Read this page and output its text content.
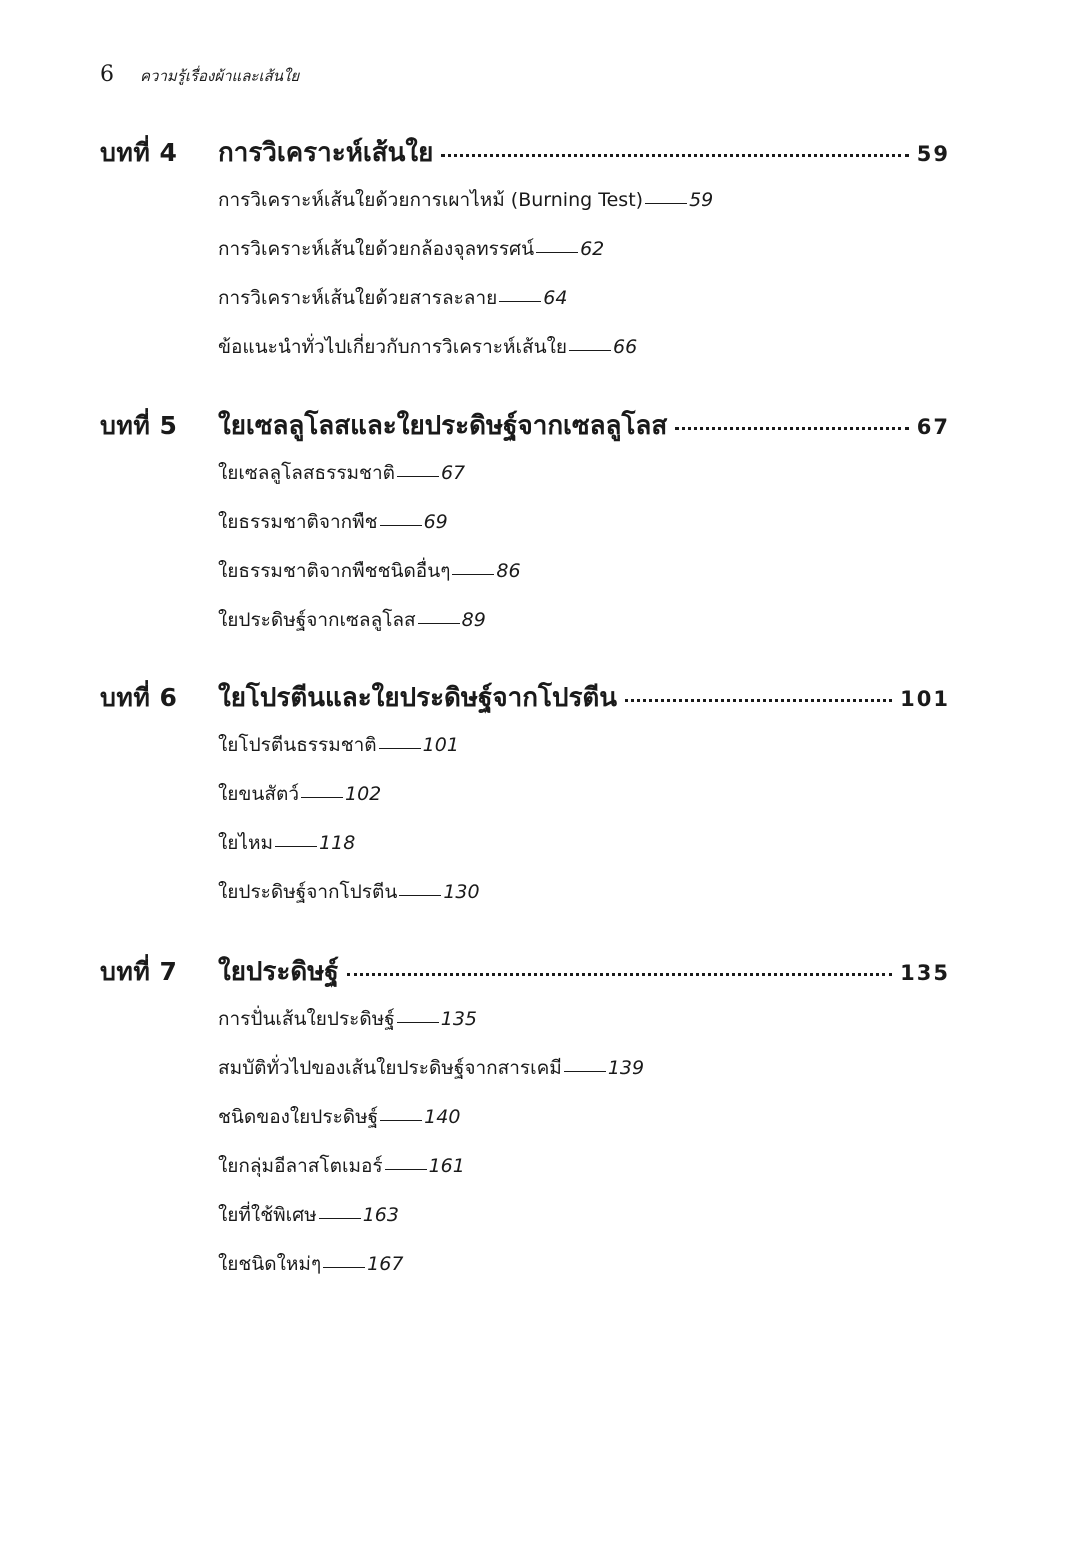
6 ความรู้เรื่องผ้าและเส้นใย
บทที่ 4	การวิเคราะห์เส้นใย	59
การวิเคราะห์เส้นใยด้วยการเผาไหม้ (Burning Test) 59
การวิเคราะห์เส้นใยด้วยกล้องจุลทรรศน์ 62
การวิเคราะห์เส้นใยด้วยสารละลาย 64
ข้อแนะนำทั่วไปเกี่ยวกับการวิเคราะห์เส้นใย 66
บทที่ 5	ใยเซลลูโลสและใยประดิษฐ์จากเซลลูโลส	67
ใยเซลลูโลสธรรมชาติ 67
ใยธรรมชาติจากพืช 69
ใยธรรมชาติจากพืชชนิดอื่นๆ 86
ใยประดิษฐ์จากเซลลูโลส 89
บทที่ 6	ใยโปรตีนและใยประดิษฐ์จากโปรตีน	101
ใยโปรตีนธรรมชาติ 101
ใยขนสัตว์ 102
ใยไหม 118
ใยประดิษฐ์จากโปรตีน 130
บทที่ 7	ใยประดิษฐ์	135
การปั่นเส้นใยประดิษฐ์ 135
สมบัติทั่วไปของเส้นใยประดิษฐ์จากสารเคมี 139
ชนิดของใยประดิษฐ์ 140
ใยกลุ่มอีลาสโตเมอร์ 161
ใยที่ใช้พิเศษ 163
ใยชนิดใหม่ๆ 167
